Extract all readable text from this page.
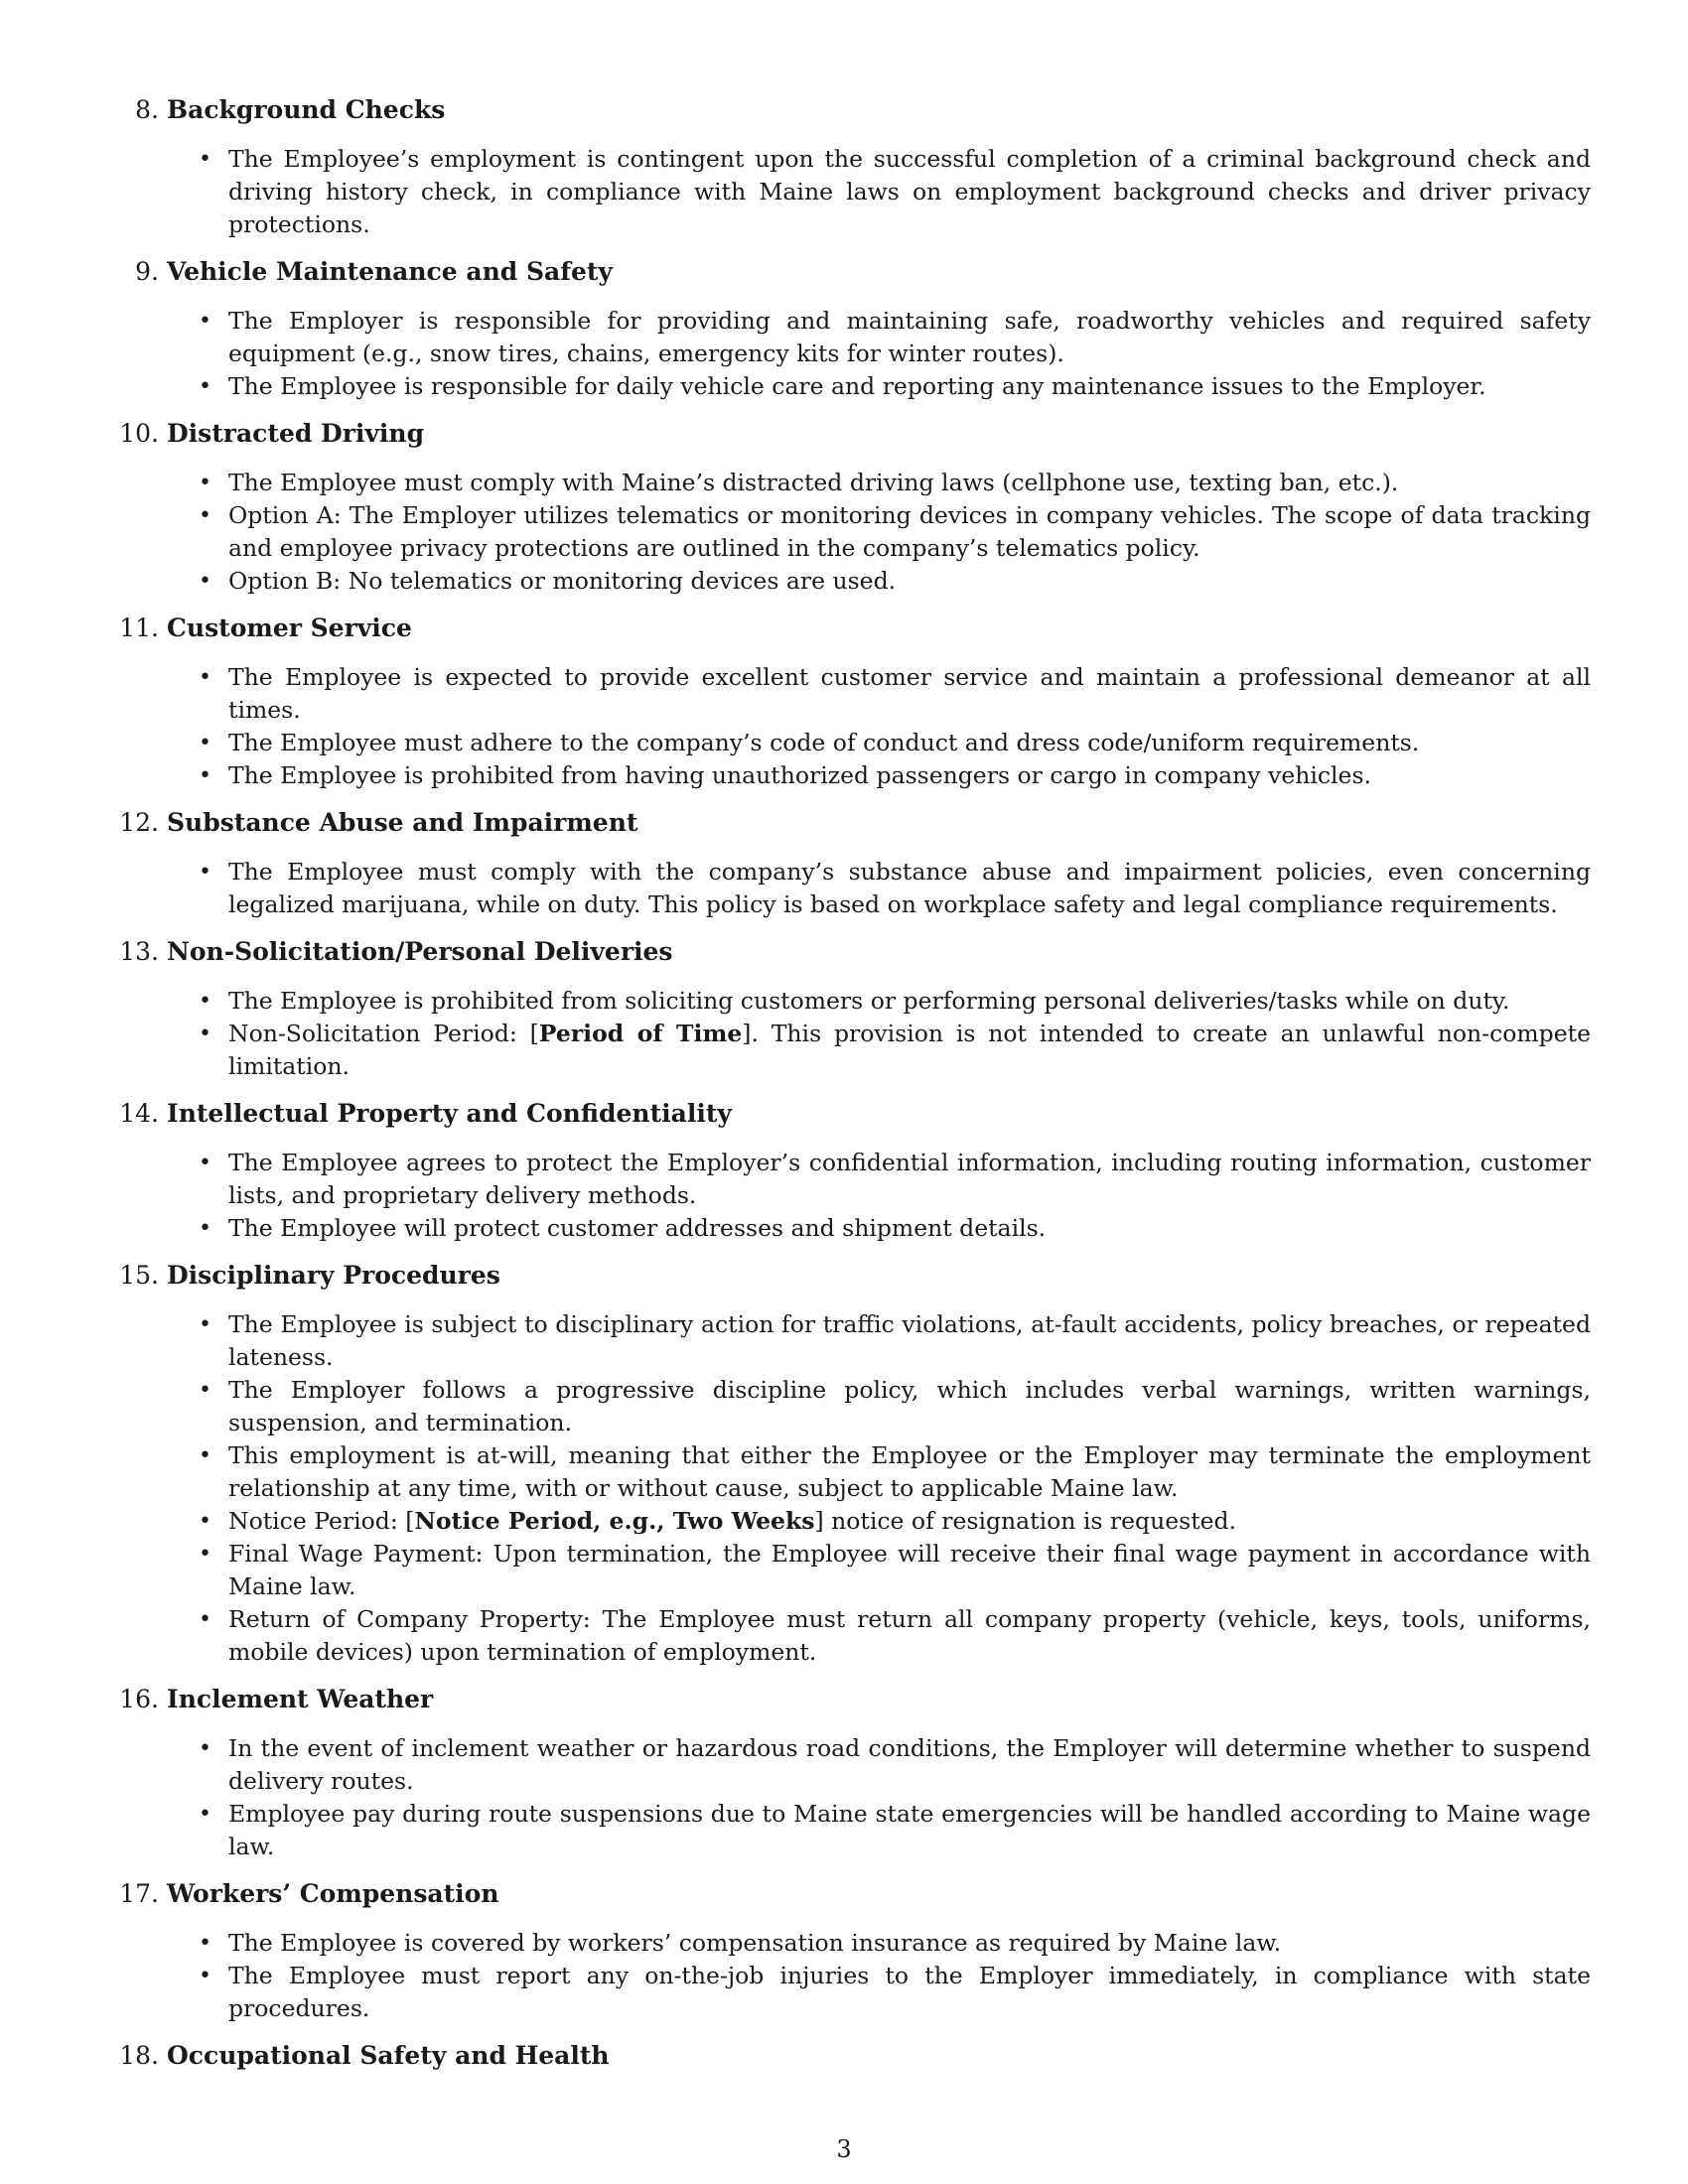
8. Background Checks
• The Employee’s employment is contingent upon the successful completion of a criminal background check and driving history check, in compliance with Maine laws on employment background checks and driver privacy protections.
9. Vehicle Maintenance and Safety
• The Employer is responsible for providing and maintaining safe, roadworthy vehicles and required safety equipment (e.g., snow tires, chains, emergency kits for winter routes).
• The Employee is responsible for daily vehicle care and reporting any maintenance issues to the Employer.
10. Distracted Driving
• The Employee must comply with Maine’s distracted driving laws (cellphone use, texting ban, etc.).
• Option A: The Employer utilizes telematics or monitoring devices in company vehicles. The scope of data tracking and employee privacy protections are outlined in the company’s telematics policy.
• Option B: No telematics or monitoring devices are used.
11. Customer Service
• The Employee is expected to provide excellent customer service and maintain a professional demeanor at all times.
• The Employee must adhere to the company’s code of conduct and dress code/uniform requirements.
• The Employee is prohibited from having unauthorized passengers or cargo in company vehicles.
12. Substance Abuse and Impairment
• The Employee must comply with the company’s substance abuse and impairment policies, even concerning legalized marijuana, while on duty. This policy is based on workplace safety and legal compliance requirements.
13. Non-Solicitation/Personal Deliveries
• The Employee is prohibited from soliciting customers or performing personal deliveries/tasks while on duty.
• Non-Solicitation Period: [Period of Time]. This provision is not intended to create an unlawful non-compete limitation.
14. Intellectual Property and Confidentiality
• The Employee agrees to protect the Employer’s confidential information, including routing information, customer lists, and proprietary delivery methods.
• The Employee will protect customer addresses and shipment details.
15. Disciplinary Procedures
• The Employee is subject to disciplinary action for traffic violations, at-fault accidents, policy breaches, or repeated lateness.
• The Employer follows a progressive discipline policy, which includes verbal warnings, written warnings, suspension, and termination.
• This employment is at-will, meaning that either the Employee or the Employer may terminate the employment relationship at any time, with or without cause, subject to applicable Maine law.
• Notice Period: [Notice Period, e.g., Two Weeks] notice of resignation is requested.
• Final Wage Payment: Upon termination, the Employee will receive their final wage payment in accordance with Maine law.
• Return of Company Property: The Employee must return all company property (vehicle, keys, tools, uniforms, mobile devices) upon termination of employment.
16. Inclement Weather
• In the event of inclement weather or hazardous road conditions, the Employer will determine whether to suspend delivery routes.
• Employee pay during route suspensions due to Maine state emergencies will be handled according to Maine wage law.
17. Workers’ Compensation
• The Employee is covered by workers’ compensation insurance as required by Maine law.
• The Employee must report any on-the-job injuries to the Employer immediately, in compliance with state procedures.
18. Occupational Safety and Health
3
